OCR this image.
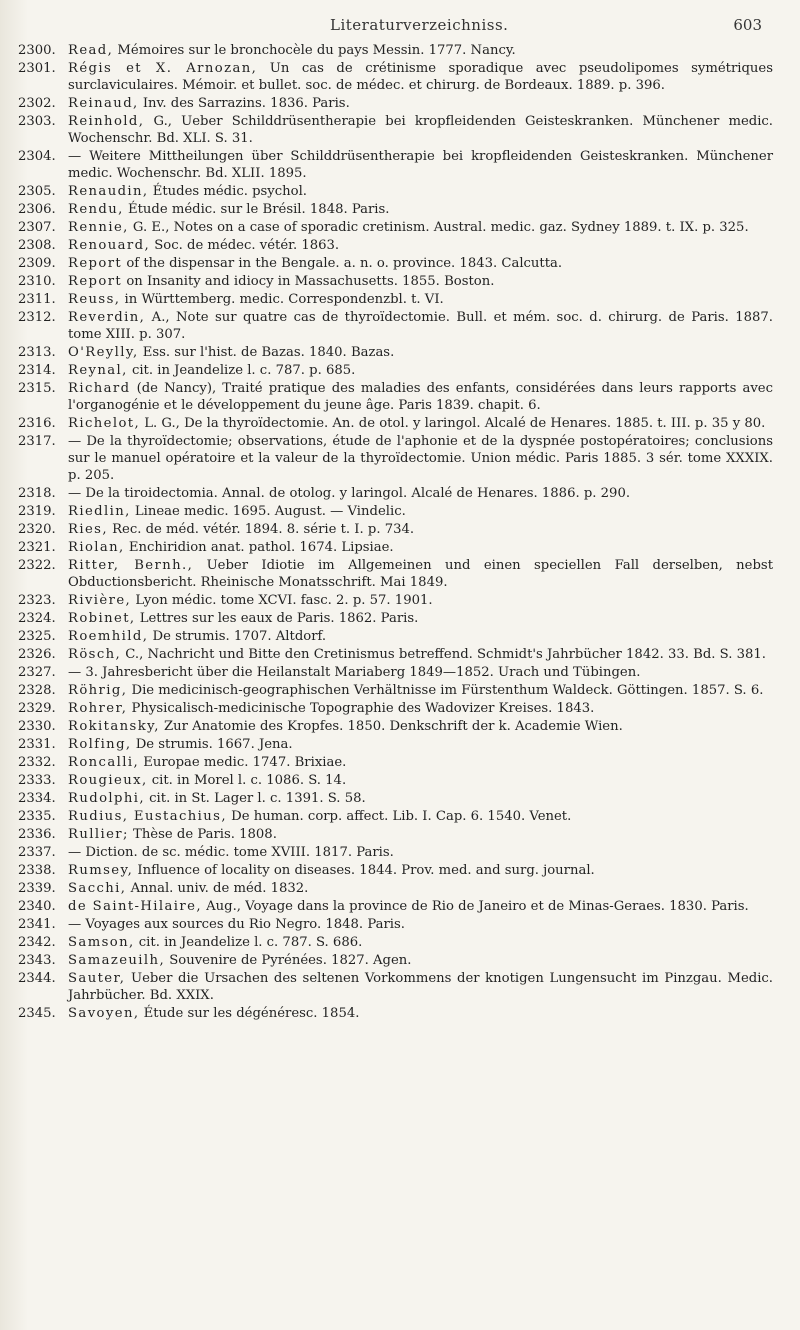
Literaturverzeichniss.	603
2300. Read, Mémoires sur le bronchocèle du pays Messin. 1777. Nancy.
2301. Régis et X. Arnozan, Un cas de crétinisme sporadique avec pseudolipomes symétriques surclaviculaires. Mémoir. et bullet. soc. de médec. et chirurg. de Bordeaux. 1889. p. 396.
2302. Reinaud, Inv. des Sarrazins. 1836. Paris.
2303. Reinhold, G., Ueber Schilddrüsentherapie bei kropfleidenden Geisteskranken. Münchener medic. Wochenschr. Bd. XLI. S. 31.
2304. — Weitere Mittheilungen über Schilddrüsentherapie bei kropfleidenden Geisteskranken. Münchener medic. Wochenschr. Bd. XLII. 1895.
2305. Renaudin, Études médic. psychol.
2306. Rendu, Étude médic. sur le Brésil. 1848. Paris.
2307. Rennie, G. E., Notes on a case of sporadic cretinism. Austral. medic. gaz. Sydney 1889. t. IX. p. 325.
2308. Renouard, Soc. de médec. vétér. 1863.
2309. Report of the dispensar in the Bengale. a. n. o. province. 1843. Calcutta.
2310. Report on Insanity and idiocy in Massachusetts. 1855. Boston.
2311. Reuss, in Württemberg. medic. Correspondenzbl. t. VI.
2312. Reverdin, A., Note sur quatre cas de thyroïdectomie. Bull. et mém. soc. d. chirurg. de Paris. 1887. tome XIII. p. 307.
2313. O'Reylly, Ess. sur l'hist. de Bazas. 1840. Bazas.
2314. Reynal, cit. in Jeandelize l. c. 787. p. 685.
2315. Richard (de Nancy), Traité pratique des maladies des enfants, considérées dans leurs rapports avec l'organogénie et le développement du jeune âge. Paris 1839. chapit. 6.
2316. Richelot, L. G., De la thyroïdectomie. An. de otol. y laringol. Alcalé de Henares. 1885. t. III. p. 35 y 80.
2317. — De la thyroïdectomie; observations, étude de l'aphonie et de la dyspnée postopératoires; conclusions sur le manuel opératoire et la valeur de la thyroïdectomie. Union médic. Paris 1885. 3 sér. tome XXXIX. p. 205.
2318. — De la tiroidectomia. Annal. de otolog. y laringol. Alcalé de Henares. 1886. p. 290.
2319. Riedlin, Lineae medic. 1695. August. — Vindelic.
2320. Ries, Rec. de méd. vétér. 1894. 8. série t. I. p. 734.
2321. Riolan, Enchiridion anat. pathol. 1674. Lipsiae.
2322. Ritter, Bernh., Ueber Idiotie im Allgemeinen und einen speciellen Fall derselben, nebst Obductionsbericht. Rheinische Monatsschrift. Mai 1849.
2323. Rivière, Lyon médic. tome XCVI. fasc. 2. p. 57. 1901.
2324. Robinet, Lettres sur les eaux de Paris. 1862. Paris.
2325. Roemhild, De strumis. 1707. Altdorf.
2326. Rösch, C., Nachricht und Bitte den Cretinismus betreffend. Schmidt's Jahrbücher 1842. 33. Bd. S. 381.
2327. — 3. Jahresbericht über die Heilanstalt Mariaberg 1849—1852. Urach und Tübingen.
2328. Röhrig, Die medicinisch-geographischen Verhältnisse im Fürstenthum Waldeck. Göttingen. 1857. S. 6.
2329. Rohrer, Physicalisch-medicinische Topographie des Wadovizer Kreises. 1843.
2330. Rokitansky, Zur Anatomie des Kropfes. 1850. Denkschrift der k. Academie Wien.
2331. Rolfing, De strumis. 1667. Jena.
2332. Roncalli, Europae medic. 1747. Brixiae.
2333. Rougieux, cit. in Morel l. c. 1086. S. 14.
2334. Rudolphi, cit. in St. Lager l. c. 1391. S. 58.
2335. Rudius, Eustachius, De human. corp. affect. Lib. I. Cap. 6. 1540. Venet.
2336. Rullier; Thèse de Paris. 1808.
2337. — Diction. de sc. médic. tome XVIII. 1817. Paris.
2338. Rumsey, Influence of locality on diseases. 1844. Prov. med. and surg. journal.
2339. Sacchi, Annal. univ. de méd. 1832.
2340. de Saint-Hilaire, Aug., Voyage dans la province de Rio de Janeiro et de Minas-Geraes. 1830. Paris.
2341. — Voyages aux sources du Rio Negro. 1848. Paris.
2342. Samson, cit. in Jeandelize l. c. 787. S. 686.
2343. Samazeuilh, Souvenire de Pyrénées. 1827. Agen.
2344. Sauter, Ueber die Ursachen des seltenen Vorkommens der knotigen Lungensucht im Pinzgau. Medic. Jahrbücher. Bd. XXIX.
2345. Savoyen, Étude sur les dégénéresc. 1854.
